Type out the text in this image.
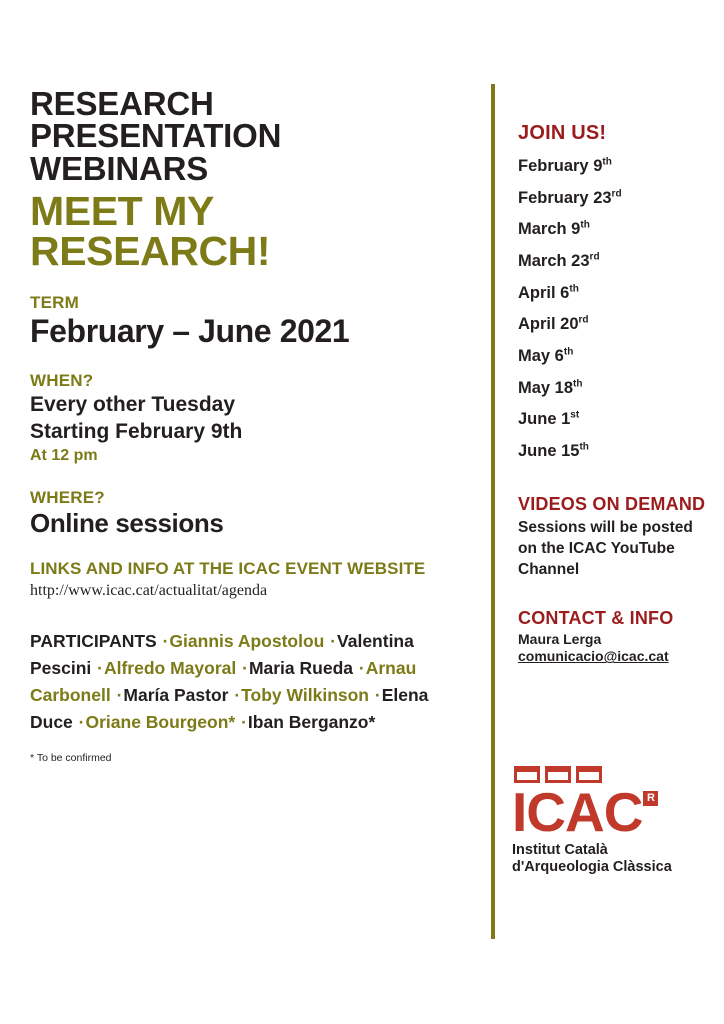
RESEARCH PRESENTATION
WEBINARS
MEET MY
RESEARCH!
TERM
February – June 2021
WHEN?
Every other Tuesday
Starting February 9th
At 12 pm
WHERE?
Online sessions
LINKS AND INFO AT THE ICAC EVENT WEBSITE
http://www.icac.cat/actualitat/agenda
PARTICIPANTS ·Giannis Apostolou ·Valentina Pescini ·Alfredo Mayoral ·Maria Rueda ·Arnau Carbonell ·María Pastor ·Toby Wilkinson ·Elena Duce ·Oriane Bourgeon* ·Iban Berganzo*
* To be confirmed
JOIN US!
February 9th
February 23rd
March 9th
March 23rd
April 6th
April 20rd
May 6th
May 18th
June 1st
June 15th
VIDEOS ON DEMAND
Sessions will be posted on the ICAC YouTube Channel
CONTACT & INFO
Maura Lerga
comunicacio@icac.cat
ICAC R
Institut Català
d'Arqueologia Clàssica
